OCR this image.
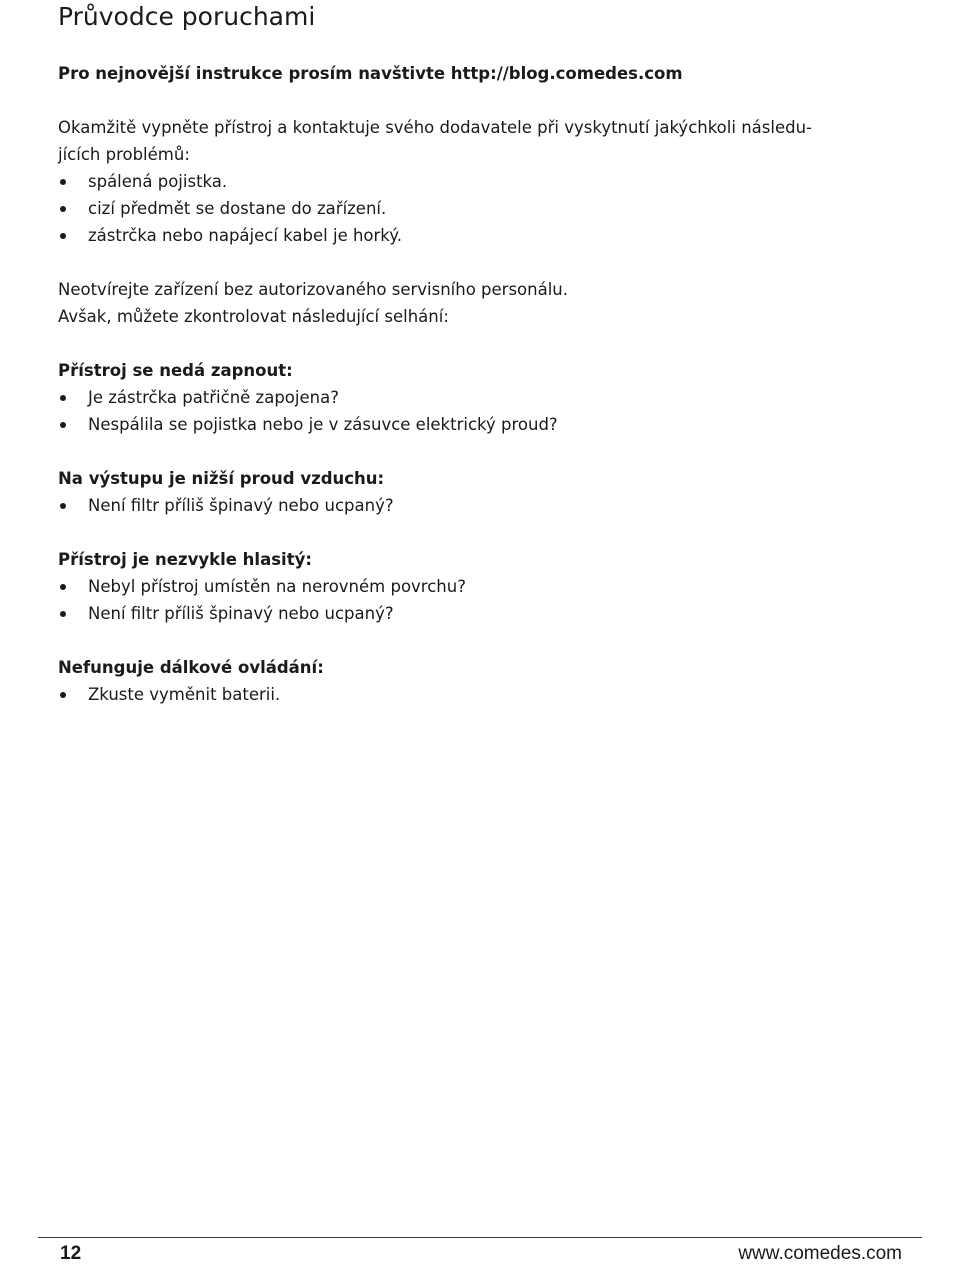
Průvodce poruchami

Pro nejnovější instrukce prosím navštivte http://blog.comedes.com

Okamžitě vypněte přístroj a kontaktuje svého dodavatele při vyskytnutí jakýchkoli následu-

jících problémů:

spálená pojistka.
cizí předmět se dostane do zařízení.
zástrčka nebo napájecí kabel je horký.

Neotvírejte zařízení bez autorizovaného servisního personálu.

Avšak, můžete zkontrolovat následující selhání:

Přístroj se nedá zapnout:

Je zástrčka patřičně zapojena?
Nespálila se pojistka nebo je v zásuvce elektrický proud?

Na výstupu je nižší proud vzduchu:

Není filtr příliš špinavý nebo ucpaný?

Přístroj je nezvykle hlasitý:

Nebyl přístroj umístěn na nerovném povrchu?
Není filtr příliš špinavý nebo ucpaný?

Nefunguje dálkové ovládání:

Zkuste vyměnit baterii.
12	www.comedes.com
